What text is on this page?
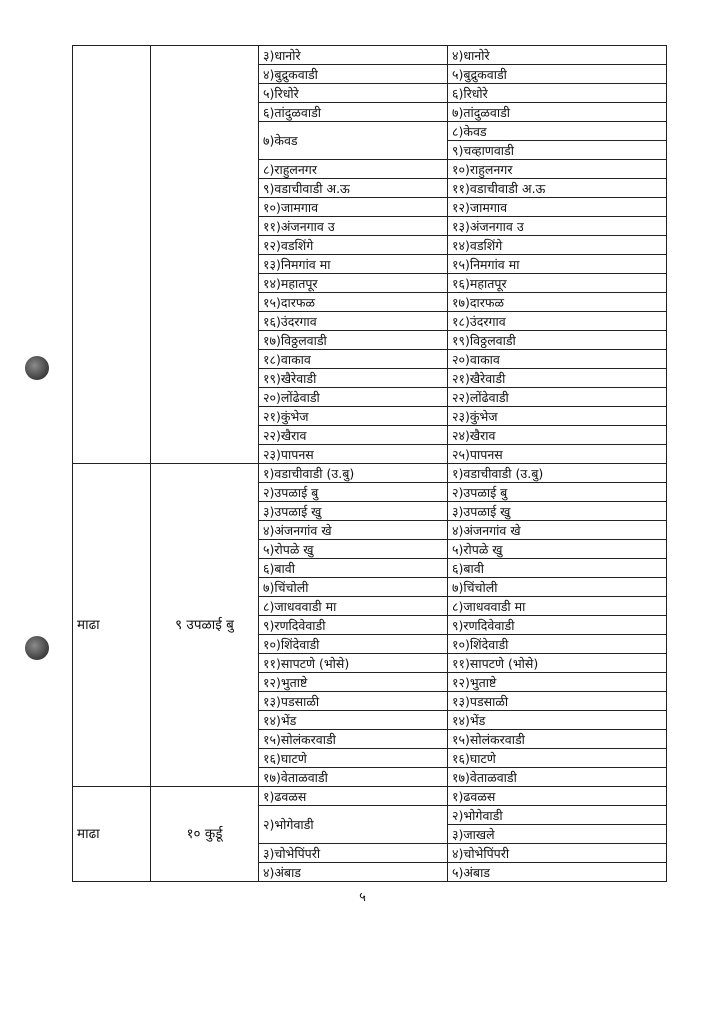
		३)धानोरे	४)धानोरे
		४)बुद्रुकवाडी	५)बुद्रुकवाडी
		५)रिधोरे	६)रिधोरे
		६)तांदुळवाडी	७)तांदुळवाडी
		७)केवड	८)केवड
			९)चव्हाणवाडी
		८)राहुलनगर	१०)राहुलनगर
		९)वडाचीवाडी अ.ऊ	११)वडाचीवाडी अ.ऊ
		१०)जामगाव	१२)जामगाव
		११)अंजनगाव उ	१३)अंजनगाव उ
		१२)वडशिंगे	१४)वडशिंगे
		१३)निमगांव मा	१५)निमगांव मा
		१४)महातपूर	१६)महातपूर
		१५)दारफळ	१७)दारफळ
		१६)उंदरगाव	१८)उंदरगाव
		१७)विठ्ठलवाडी	१९)विठ्ठलवाडी
		१८)वाकाव	२०)वाकाव
		१९)खैरेवाडी	२१)खैरेवाडी
		२०)लोंढेवाडी	२२)लोंढेवाडी
		२१)कुंभेज	२३)कुंभेज
		२२)खैराव	२४)खैराव
		२३)पापनस	२५)पापनस
माढा	९ उपळाई बु	१)वडाचीवाडी (उ.बु)	१)वडाचीवाडी (उ.बु)
		२)उपळाई बु	२)उपळाई बु
		३)उपळाई खु	३)उपळाई खु
		४)अंजनगांव खे	४)अंजनगांव खे
		५)रोपळे खु	५)रोपळे खु
		६)बावी	६)बावी
		७)चिंचोली	७)चिंचोली
		८)जाधववाडी मा	८)जाधववाडी मा
		९)रणदिवेवाडी	९)रणदिवेवाडी
		१०)शिंदेवाडी	१०)शिंदेवाडी
		११)सापटणे (भोसे)	११)सापटणे (भोसे)
		१२)भुताष्टे	१२)भुताष्टे
		१३)पडसाळी	१३)पडसाळी
		१४)भेंड	१४)भेंड
		१५)सोलंकरवाडी	१५)सोलंकरवाडी
		१६)घाटणे	१६)घाटणे
		१७)वेताळवाडी	१७)वेताळवाडी
माढा	१० कुर्डू	१)ढवळस	१)ढवळस
		२)भोगेवाडी	२)भोगेवाडी
			३)जाखले
		३)चोभेपिंपरी	४)चोभेपिंपरी
		४)अंबाड	५)अंबाड
५
